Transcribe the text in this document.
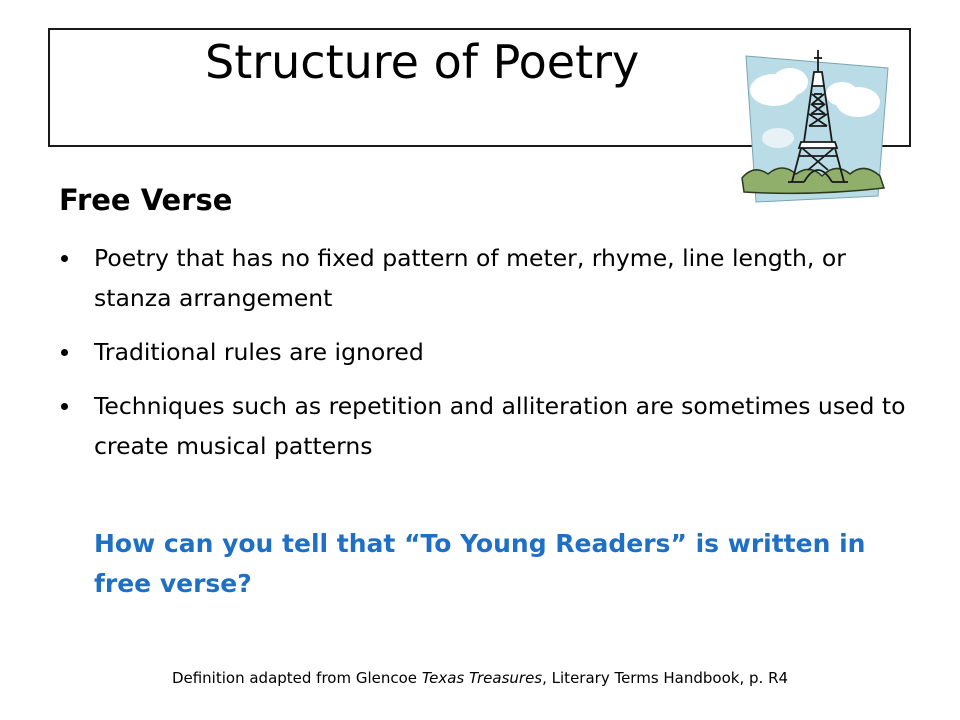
Structure of Poetry
Free Verse
Poetry that has no fixed pattern of meter, rhyme, line length, or stanza arrangement
Traditional rules are ignored
Techniques such as repetition and alliteration are sometimes used to create musical patterns
How can you tell that “To Young Readers” is written in free verse?
Definition adapted from Glencoe Texas Treasures, Literary Terms Handbook, p. R4
